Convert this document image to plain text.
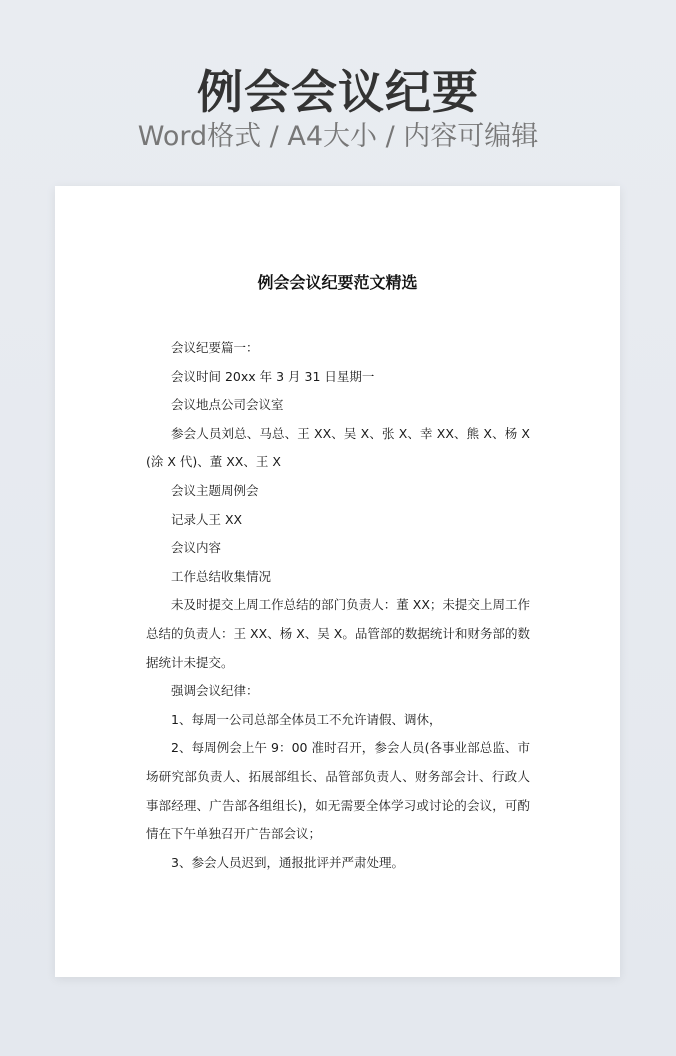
例会会议纪要
Word格式 / A4大小 / 内容可编辑
例会会议纪要范文精选

会议纪要篇一：

会议时间 20xx 年 3 月 31 日星期一

会议地点公司会议室

参会人员刘总、马总、王 XX、吴 X、张 X、幸 XX、熊 X、杨 X(涂 X 代)、董 XX、王 X

会议主题周例会

记录人王 XX

会议内容

工作总结收集情况

未及时提交上周工作总结的部门负责人：董 XX；未提交上周工作总结的负责人：王 XX、杨 X、吴 X。品管部的数据统计和财务部的数据统计未提交。

强调会议纪律：

1、每周一公司总部全体员工不允许请假、调休，

2、每周例会上午 9：00 准时召开，参会人员(各事业部总监、市场研究部负责人、拓展部组长、品管部负责人、财务部会计、行政人事部经理、广告部各组组长)，如无需要全体学习或讨论的会议，可酌情在下午单独召开广告部会议；

3、参会人员迟到，通报批评并严肃处理。
